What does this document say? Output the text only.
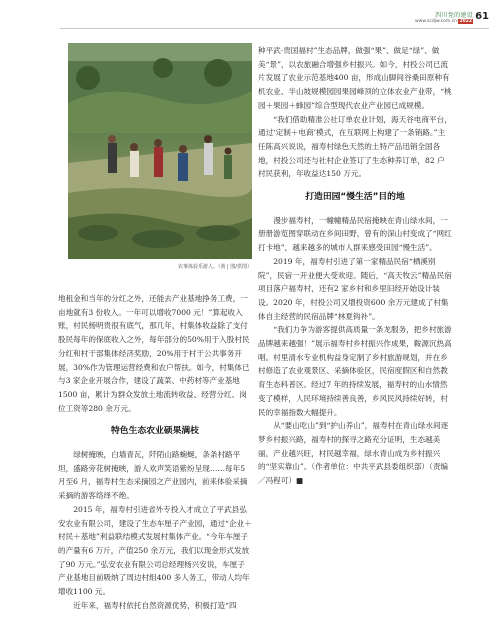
四川党的建设
www.scdjw.com.cn 2022 61
农事体验乐游人。（黄 | 图/供图）

地租金和当年的分红之外，还能去产业基地挣务工费，一亩地就有3 份收入。一年可以增收7000 元！”算起收入账，村民杨明贵很有底气，那几年，村集体收益除了支付股民每年的保底收入之外，每年部分的50%用于入股村民分红和村干部集体经济奖励，20%用于村干公共事务开展，30%作为管理运营经费和农户帮扶。如今，村集体已与3 家企业开展合作，建设了蔬菜、中药材等产业基地1500 亩，累计为群众发放土地流转收益、经营分红、岗位工资等280 余万元。

特色生态农业硕果满枝

绿树掩映，白墙青瓦，阡陌山路蜿蜒，条条村路平坦，盛路旁花树掩映，游人欢声笑语紫纷呈现……每年5 月至6 月，福寿村生态采摘园之产业园内，前来体验采摘采摘的游客络绎不绝。

2015 年，福寿村引进省外专投入才成立了平武县弘安农业有限公司，建设了生态车厘子产业园，通过“企业＋村民＋基地”利益联结模式发展村集体产业。“今年车厘子的产量有6 万斤，产值250 余万元，我们以现金形式发放了90 万元。”弘安农业有限公司总经理杨兴安说，车厘子产业基地目前吸纳了周边村组400 多人务工，带动人均年增收1100 元。

近年来，福寿村依托自然资源优势，积极打造“四

种平武·贵国福村”生态品牌，做强“果”、做足“绿”、做美“景”，以农旅融合增强乡村振兴。如今，村投公司已流片发展了农业示范基地400 亩，形成山脚间谷桑田原种有机农业、半山坡规模园园果园峰顶的立体农业产业带，“桃园＋果园＋蜂园”综合型现代农业产业园已成规模。

“我们借助精准公社订单农业计划，海天谷电商平台，通过‘定制＋电商’模式，在互联网上构建了一条销路。”主任陈高兴说说，福寿村绿色天然的土特产品迅销全国各地，村投公司还与社村企业签订了生态种养订单，82 户村民获利，年收益达150 万元。

打造田园“慢生活”目的地

漫步福寿村，一幢幢精品民宿掩映在青山绿水间，一册册游览图穿联动在乡间田野，曾有的深山村变成了“网红打卡地”，越来越多的城市人群来感受田园“慢生活”。

2019 年，福寿村引进了第一家精品民宿“栖溪别院”，民宿一开业便大受欢迎。随后，“高天牧云”精品民宿项目落户福寿村，还有2 家乡村和乡里旧经开始设计装设。2020 年，村投公司又增投资600 余万元建成了村集体自主经营的民宿品牌“林夏钩补”。

“我们力争为游客提供高质量一条龙服务，把乡村旅游品牌越来越强！”展示福寿村乡村振兴作成果，鞍源沉热高唱。村里清水专业机构益身定制了乡村旅游规划，并在乡村修造了农业观景区、采摘体验区，民宿度假区和自然教育生态科普区。经过7 年的持续发展，福寿村的山水情然变了模样，人民环境持续善良善，乡风民风持续好转，村民的幸福指数大幅提升。

从“要山吃山”到“护山养山”，福寿村在青山绿水间逐梦乡村振兴路，福寿村的探寻之路充分证明，生态越美丽，产业越兴旺，村民越幸福，绿水青山成为乡村振兴的“坚实靠山”。（作者单位：中共平武县委组织部）（责编／冯程可）■
